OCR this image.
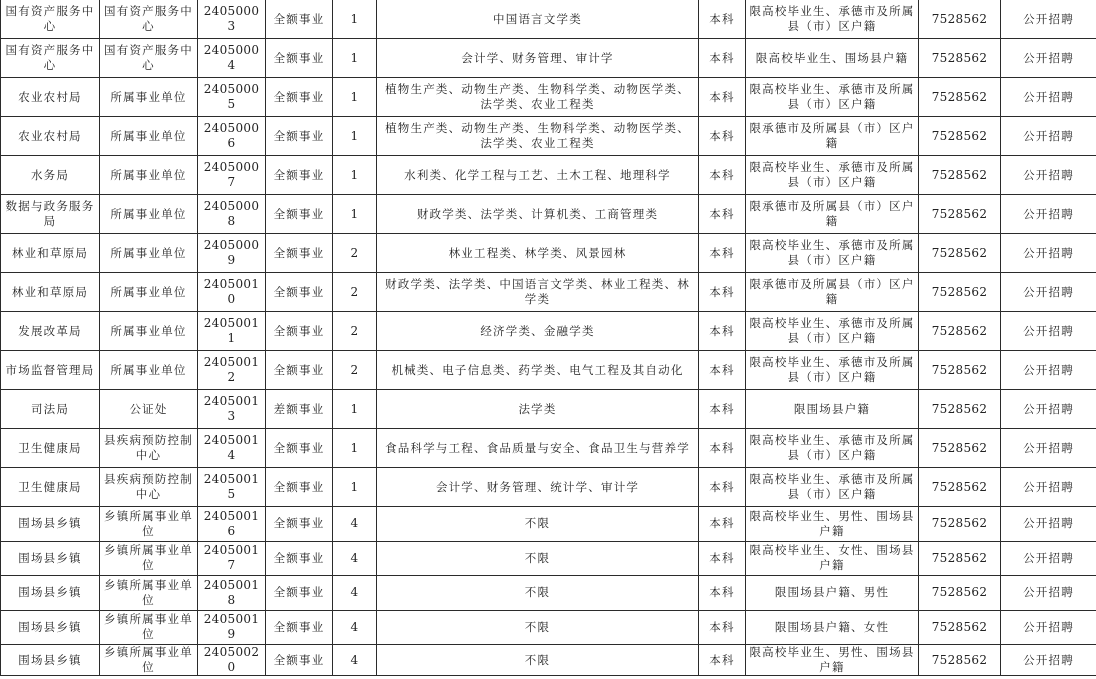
国有资产服务中心	国有资产服务中心	24050003	全额事业	1	中国语言文学类	本科	限高校毕业生、承德市及所属县（市）区户籍	7528562	公开招聘
国有资产服务中心	国有资产服务中心	24050004	全额事业	1	会计学、财务管理、审计学	本科	限高校毕业生、围场县户籍	7528562	公开招聘
农业农村局	所属事业单位	24050005	全额事业	1	植物生产类、动物生产类、生物科学类、动物医学类、法学类、农业工程类	本科	限高校毕业生、承德市及所属县（市）区户籍	7528562	公开招聘
农业农村局	所属事业单位	24050006	全额事业	1	植物生产类、动物生产类、生物科学类、动物医学类、法学类、农业工程类	本科	限承德市及所属县（市）区户籍	7528562	公开招聘
水务局	所属事业单位	24050007	全额事业	1	水利类、化学工程与工艺、土木工程、地理科学	本科	限高校毕业生、承德市及所属县（市）区户籍	7528562	公开招聘
数据与政务服务局	所属事业单位	24050008	全额事业	1	财政学类、法学类、计算机类、工商管理类	本科	限承德市及所属县（市）区户籍	7528562	公开招聘
林业和草原局	所属事业单位	24050009	全额事业	2	林业工程类、林学类、风景园林	本科	限高校毕业生、承德市及所属县（市）区户籍	7528562	公开招聘
林业和草原局	所属事业单位	24050010	全额事业	2	财政学类、法学类、中国语言文学类、林业工程类、林学类	本科	限承德市及所属县（市）区户籍	7528562	公开招聘
发展改革局	所属事业单位	24050011	全额事业	2	经济学类、金融学类	本科	限高校毕业生、承德市及所属县（市）区户籍	7528562	公开招聘
市场监督管理局	所属事业单位	24050012	全额事业	2	机械类、电子信息类、药学类、电气工程及其自动化	本科	限高校毕业生、承德市及所属县（市）区户籍	7528562	公开招聘
司法局	公证处	24050013	差额事业	1	法学类	本科	限围场县户籍	7528562	公开招聘
卫生健康局	县疾病预防控制中心	24050014	全额事业	1	食品科学与工程、食品质量与安全、食品卫生与营养学	本科	限高校毕业生、承德市及所属县（市）区户籍	7528562	公开招聘
卫生健康局	县疾病预防控制中心	24050015	全额事业	1	会计学、财务管理、统计学、审计学	本科	限高校毕业生、承德市及所属县（市）区户籍	7528562	公开招聘
围场县乡镇	乡镇所属事业单位	24050016	全额事业	4	不限	本科	限高校毕业生、男性、围场县户籍	7528562	公开招聘
围场县乡镇	乡镇所属事业单位	24050017	全额事业	4	不限	本科	限高校毕业生、女性、围场县户籍	7528562	公开招聘
围场县乡镇	乡镇所属事业单位	24050018	全额事业	4	不限	本科	限围场县户籍、男性	7528562	公开招聘
围场县乡镇	乡镇所属事业单位	24050019	全额事业	4	不限	本科	限围场县户籍、女性	7528562	公开招聘
围场县乡镇	乡镇所属事业单位	24050020	全额事业	4	不限	本科	限高校毕业生、男性、围场县户籍	7528562	公开招聘
